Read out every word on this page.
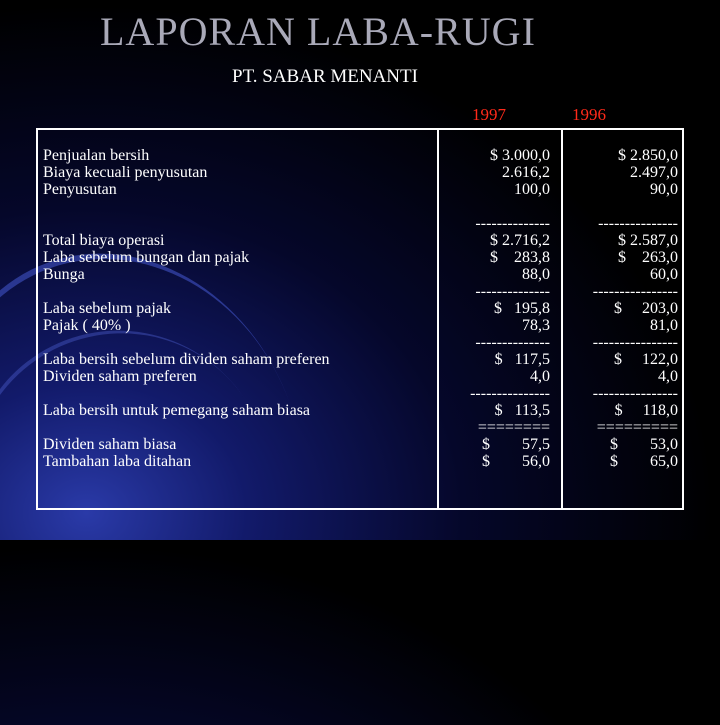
LAPORAN LABA-RUGI
PT. SABAR MENANTI
1997	1996
Penjualan bersih	$ 3.000,0	$ 2.850,0
Biaya kecuali penyusutan	2.616,2	2.497,0
Penyusutan	100,0	90,0
--------------	---------------
Total biaya operasi	$ 2.716,2	$ 2.587,0
Laba sebelum bungan dan pajak	$    283,8	$    263,0
Bunga	88,0	60,0
--------------	----------------
Laba sebelum pajak	$   195,8	$     203,0
Pajak ( 40% )	78,3	81,0
--------------	----------------
Laba bersih sebelum dividen saham preferen	$   117,5	$     122,0
Dividen saham preferen	4,0	4,0
---------------	----------------
Laba bersih untuk pemegang saham biasa	$   113,5	$     118,0
========	=========
Dividen saham biasa	$        57,5	$        53,0
Tambahan laba ditahan	$        56,0	$        65,0
